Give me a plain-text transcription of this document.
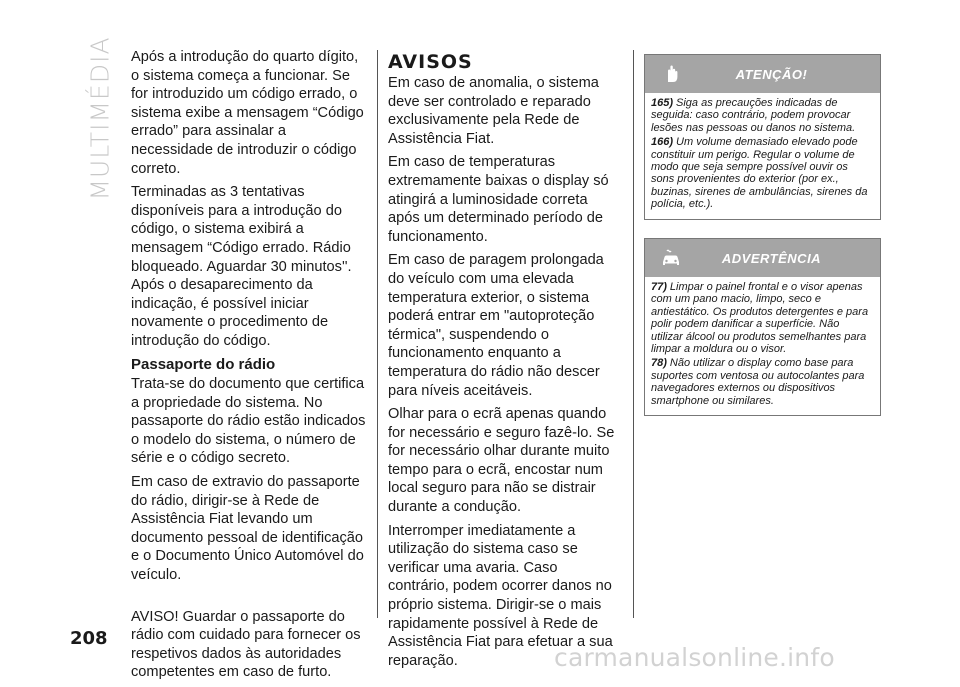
MULTIMÉDIA Após a introdução do quarto dígito, o sistema começa a funcionar. Se for introduzido um código errado, o sistema exibe a mensagem “Código errado” para assinalar a necessidade de introduzir o código correto.

Terminadas as 3 tentativas disponíveis para a introdução do código, o sistema exibirá a mensagem “Código errado. Rádio bloqueado. Aguardar 30 minutos''. Após o desaparecimento da indicação, é possível iniciar novamente o procedimento de introdução do código.

Passaporte do rádio

Trata-se do documento que certifica a propriedade do sistema. No passaporte do rádio estão indicados o modelo do sistema, o número de série e o código secreto.

Em caso de extravio do passaporte do rádio, dirigir-se à Rede de Assistência Fiat levando um documento pessoal de identificação e o Documento Único Automóvel do veículo.

AVISO! Guardar o passaporte do rádio com cuidado para fornecer os respetivos dados às autoridades competentes em caso de furto.

AVISOS

Em caso de anomalia, o sistema deve ser controlado e reparado exclusivamente pela Rede de Assistência Fiat.

Em caso de temperaturas extremamente baixas o display só atingirá a luminosidade correta após um determinado período de funcionamento.

Em caso de paragem prolongada do veículo com uma elevada temperatura exterior, o sistema poderá entrar em "autoproteção térmica", suspendendo o funcionamento enquanto a temperatura do rádio não descer para níveis aceitáveis.

Olhar para o ecrã apenas quando for necessário e seguro fazê-lo. Se for necessário olhar durante muito tempo para o ecrã, encostar num local seguro para não se distrair durante a condução.

Interromper imediatamente a utilização do sistema caso se verificar uma avaria. Caso contrário, podem ocorrer danos no próprio sistema. Dirigir-se o mais rapidamente possível à Rede de Assistência Fiat para efetuar a sua reparação.

ATENÇÃO!

165) Siga as precauções indicadas de seguida: caso contrário, podem provocar lesões nas pessoas ou danos no sistema.

166) Um volume demasiado elevado pode constituir um perigo. Regular o volume de modo que seja sempre possível ouvir os sons provenientes do exterior (por ex., buzinas, sirenes de ambulâncias, sirenes da polícia, etc.).

ADVERTÊNCIA

77) Limpar o painel frontal e o visor apenas com um pano macio, limpo, seco e antiestático. Os produtos detergentes e para polir podem danificar a superfície. Não utilizar álcool ou produtos semelhantes para limpar a moldura ou o visor.

78) Não utilizar o display como base para suportes com ventosa ou autocolantes para navegadores externos ou dispositivos smartphone ou similares.

208
carmanualsonline.info
